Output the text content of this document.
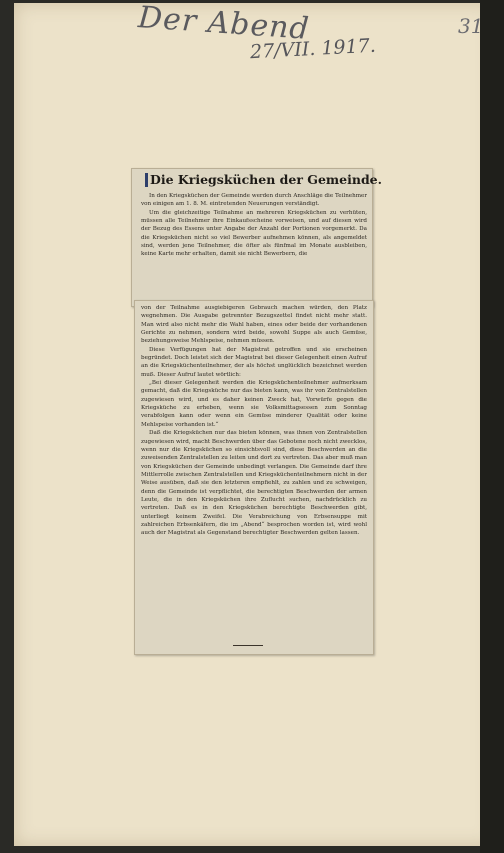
Der Abend
27/VII. 1917.
31
Die Kriegsküchen der Gemeinde.

In den Kriegsküchen der Gemeinde werden durch Anschläge die Teilnehmer von einigen am 1. 8. M. eintretenden Neuerungen verständigt.

Um die gleichzeitige Teilnahme an mehreren Kriegsküchen zu verhüten, müssen alle Teilnehmer ihre Einkaufsscheine vorweisen, und auf diesen wird der Bezug des Essens unter Angabe der Anzahl der Portionen vorgemerkt. Da die Kriegsküchen nicht so viel Bewerber aufnehmen können, als angemeldet sind, werden jene Teilnehmer, die öfter als fünfmal im Monate ausbleiben, keine Karte mehr erhalten, damit sie nicht Bewerbern, die

von der Teilnahme ausgiebigeren Gebrauch machen würden, den Platz wegnehmen. Die Ausgabe getrennter Bezugszettel findet nicht mehr statt. Man wird also nicht mehr die Wahl haben, eines oder beide der vorhandenen Gerichte zu nehmen, sondern wird beide, sowohl Suppe als auch Gemüse, beziehungsweise Mehlspeise, nehmen müssen.

Diese Verfügungen hat der Magistrat getroffen und sie erscheinen begründet. Doch leistet sich der Magistrat bei dieser Gelegenheit einen Aufruf an die Kriegsküchenteilnehmer, der als höchst unglücklich bezeichnet werden muß. Dieser Aufruf lautet wörtlich:

„Bei dieser Gelegenheit werden die Kriegsküchenteilnehmer aufmerksam gemacht, daß die Kriegsküche nur das bieten kann, was ihr von Zentralstellen zugewiesen wird, und es daher keinen Zweck hat, Vorwürfe gegen die Kriegsküche zu erheben, wenn sie Volksmittagsessen zum Sonntag verabfolgen kann oder wenn ein Gemüse minderer Qualität oder keine Mehlspeise vorhanden ist.“

Daß die Kriegsküchen nur das bieten können, was ihnen von Zentralstellen zugewiesen wird, macht Beschwerden über das Gebotene noch nicht zwecklos, wenn nur die Kriegsküchen so einsichtsvoll sind, diese Beschwerden an die zuweisenden Zentralstellen zu leiten und dort zu vertreten. Das aber muß man von Kriegsküchen der Gemeinde unbedingt verlangen. Die Gemeinde darf ihre Mittlerrolle zwischen Zentralstellen und Kriegsküchenteilnehmern nicht in der Weise ausüben, daß sie den letzteren empfiehlt, zu zahlen und zu schweigen, denn die Gemeinde ist verpflichtet, die berechtigten Beschwerden der armen Leute, die in den Kriegsküchen ihre Zuflucht suchen, nachdrücklich zu vertreten. Daß es in den Kriegsküchen berechtigte Beschwerden gibt, unterliegt keinem Zweifel. Die Verabreichung von Erbsensuppe mit zahlreichen Erbsenkäfern, die im „Abend“ besprochen worden ist, wird wohl auch der Magistrat als Gegenstand berechtigter Beschwerden gelten lassen.
